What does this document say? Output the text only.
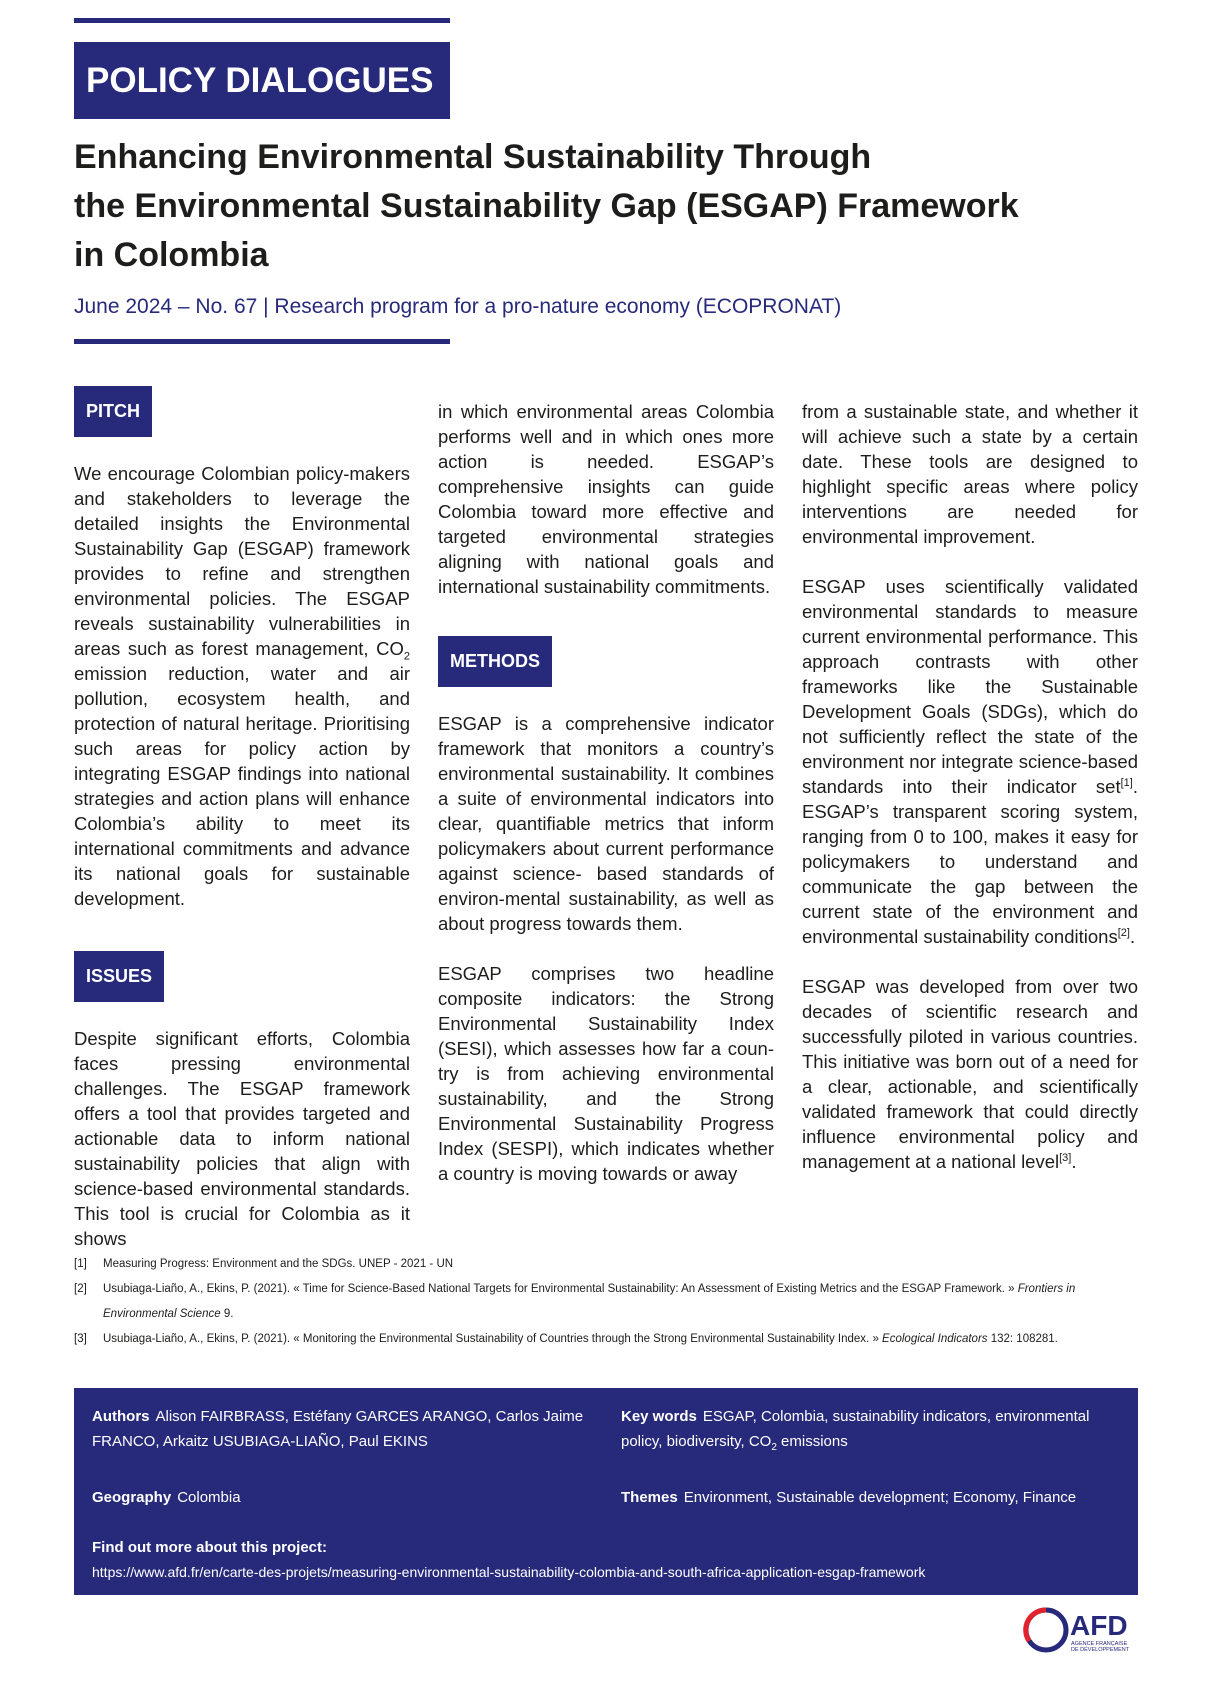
POLICY DIALOGUES
Enhancing Environmental Sustainability Through
the Environmental Sustainability Gap (ESGAP) Framework
in Colombia
June 2024 – No. 67 | Research program for a pro-nature economy (ECOPRONAT)
PITCH

We encourage Colombian policy-makers and stakeholders to leverage the detailed insights the Environmental Sustainability Gap (ESGAP) framework provides to refine and strengthen environmental policies. The ESGAP reveals sustainability vulnerabilities in areas such as forest management, $CO_2$ emission reduction, water and air pollution, ecosystem health, and protection of natural heritage. Prioritising such areas for policy action by integrating ESGAP findings into national strategies and action plans will enhance Colombia’s ability to meet its international commitments and advance its national goals for sustainable development.

ISSUES

Despite significant efforts, Colombia faces pressing environmental challenges. The ESGAP framework offers a tool that provides targeted and actionable data to inform national sustainability policies that align with science-based environmental standards. This tool is crucial for Colombia as it shows

in which environmental areas Colombia performs well and in which ones more action is needed. ESGAP’s comprehensive insights can guide Colombia toward more effective and targeted environmental strategies aligning with national goals and international sustainability commitments.

METHODS

ESGAP is a comprehensive indicator framework that monitors a country’s environmental sustainability. It combines a suite of environmental indicators into clear, quantifiable metrics that inform policymakers about current performance against science- based standards of environ-mental sustainability, as well as about progress towards them.

ESGAP comprises two headline composite indicators: the Strong Environmental Sustainability Index (SESI), which assesses how far a coun-try is from achieving environmental sustainability, and the Strong Environmental Sustainability Progress Index (SESPI), which indicates whether a country is moving towards or away

from a sustainable state, and whether it will achieve such a state by a certain date. These tools are designed to highlight specific areas where policy interventions are needed for environmental improvement.

ESGAP uses scientifically validated environmental standards to measure current environmental performance. This approach contrasts with other frameworks like the Sustainable Development Goals (SDGs), which do not sufficiently reflect the state of the environment nor integrate science-based standards into their indicator set[1]. ESGAP’s transparent scoring system, ranging from 0 to 100, makes it easy for policymakers to understand and communicate the gap between the current state of the environment and environmental sustainability conditions[2].

ESGAP was developed from over two decades of scientific research and successfully piloted in various countries. This initiative was born out of a need for a clear, actionable, and scientifically validated framework that could directly influence environmental policy and management at a national level[3].

[1]	Measuring Progress: Environment and the SDGs. UNEP - 2021 - UN
[2]	Usubiaga-Liaño, A., Ekins, P. (2021). « Time for Science-Based National Targets for Environmental Sustainability: An Assessment of Existing Metrics and the ESGAP Framework. » Frontiers in Environmental Science 9.
[3]	Usubiaga-Liaño, A., Ekins, P. (2021). « Monitoring the Environmental Sustainability of Countries through the Strong Environmental Sustainability Index. » Ecological Indicators 132: 108281.
Authors Alison FAIRBRASS, Estéfany GARCES ARANGO, Carlos Jaime FRANCO, Arkaitz USUBIAGA-LIAÑO, Paul EKINS
Key words ESGAP, Colombia, sustainability indicators, environmental policy, biodiversity, $CO_2$ emissions
Geography Colombia	Themes Environment, Sustainable development; Economy, Finance
Find out more about this project:
https://www.afd.fr/en/carte-des-projets/measuring-environmental-sustainability-colombia-and-south-africa-application-esgap-framework
AFD
AGENCE FRANÇAISE
DE DÉVELOPPEMENT
